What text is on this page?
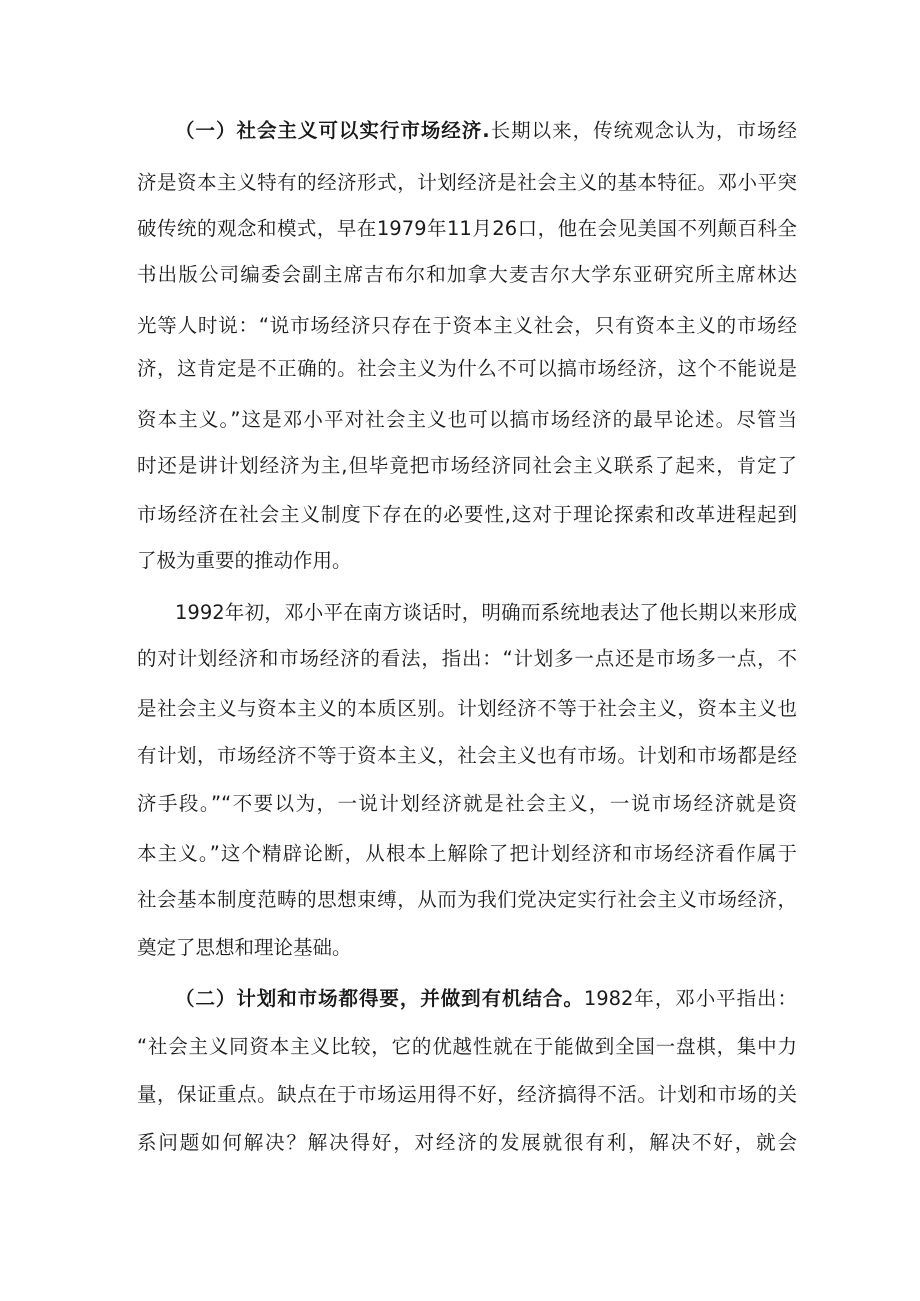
（一）社会主义可以实行市场经济.长期以来，传统观念认为，市场经
济是资本主义特有的经济形式，计划经济是社会主义的基本特征。邓小平突
破传统的观念和模式，早在1979年11月26口，他在会见美国不列颠百科全
书出版公司编委会副主席吉布尔和加拿大麦吉尔大学东亚研究所主席林达
光等人时说：“说市场经济只存在于资本主义社会，只有资本主义的市场经
济，这肯定是不正确的。社会主义为什么不可以搞市场经济，这个不能说是
资本主义。”这是邓小平对社会主义也可以搞市场经济的最早论述。尽管当
时还是讲计划经济为主,但毕竟把市场经济同社会主义联系了起来，肯定了
市场经济在社会主义制度下存在的必要性,这对于理论探索和改革进程起到
了极为重要的推动作用。
1992年初，邓小平在南方谈话时，明确而系统地表达了他长期以来形成
的对计划经济和市场经济的看法，指出：“计划多一点还是市场多一点，不
是社会主义与资本主义的本质区别。计划经济不等于社会主义，资本主义也
有计划，市场经济不等于资本主义，社会主义也有市场。计划和市场都是经
济手段。”“不要以为，一说计划经济就是社会主义，一说市场经济就是资
本主义。”这个精辟论断，从根本上解除了把计划经济和市场经济看作属于
社会基本制度范畴的思想束缚，从而为我们党决定实行社会主义市场经济，
奠定了思想和理论基础。
（二）计划和市场都得要，并做到有机结合。1982年，邓小平指出：
“社会主义同资本主义比较，它的优越性就在于能做到全国一盘棋，集中力
量，保证重点。缺点在于市场运用得不好，经济搞得不活。计划和市场的关
系问题如何解决？解决得好，对经济的发展就很有利，解决不好，就会
